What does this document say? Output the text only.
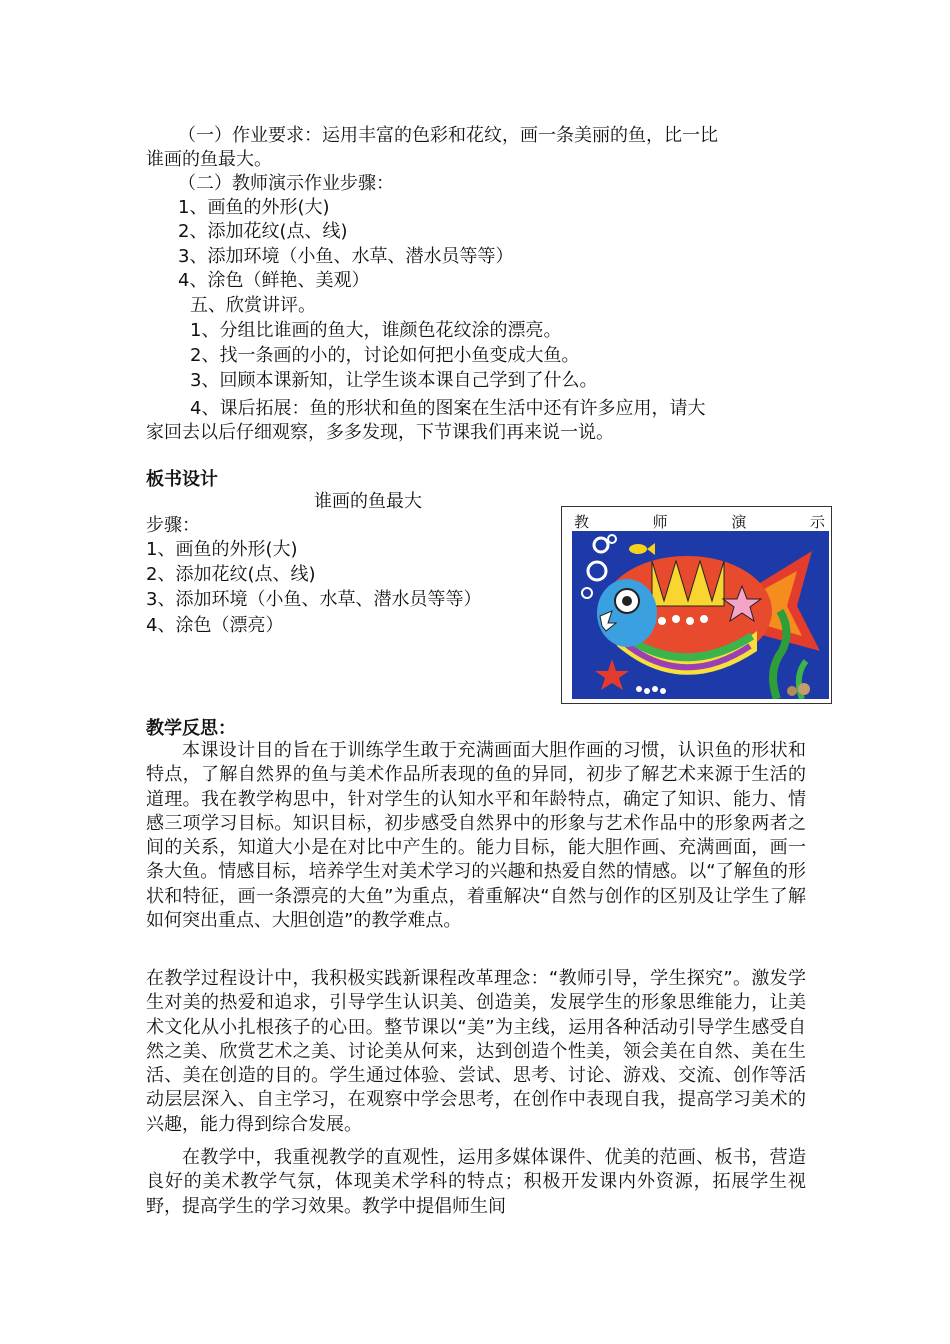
（一）作业要求：运用丰富的色彩和花纹，画一条美丽的鱼，比一比
谁画的鱼最大。
（二）教师演示作业步骤：
1、画鱼的外形(大)
2、添加花纹(点、线)
3、添加环境（小鱼、水草、潜水员等等）
4、涂色（鲜艳、美观）
五、欣赏讲评。
1、分组比谁画的鱼大，谁颜色花纹涂的漂亮。
2、找一条画的小的，讨论如何把小鱼变成大鱼。
3、回顾本课新知，让学生谈本课自己学到了什么。
4、课后拓展：鱼的形状和鱼的图案在生活中还有许多应用，请大
家回去以后仔细观察，多多发现，下节课我们再来说一说。
板书设计
谁画的鱼最大
步骤：
1、画鱼的外形(大)
2、添加花纹(点、线)
3、添加环境（小鱼、水草、潜水员等等）
4、涂色（漂亮）
教	师	演	示
教学反思：
本课设计目的旨在于训练学生敢于充满画面大胆作画的习惯，认识鱼的形状和特点，了解自然界的鱼与美术作品所表现的鱼的异同，初步了解艺术来源于生活的道理。我在教学构思中，针对学生的认知水平和年龄特点，确定了知识、能力、情感三项学习目标。知识目标，初步感受自然界中的形象与艺术作品中的形象两者之间的关系，知道大小是在对比中产生的。能力目标，能大胆作画、充满画面，画一条大鱼。情感目标，培养学生对美术学习的兴趣和热爱自然的情感。以“了解鱼的形状和特征，画一条漂亮的大鱼”为重点，着重解决“自然与创作的区别及让学生了解如何突出重点、大胆创造”的教学难点。
在教学过程设计中，我积极实践新课程改革理念：“教师引导，学生探究”。激发学生对美的热爱和追求，引导学生认识美、创造美，发展学生的形象思维能力，让美术文化从小扎根孩子的心田。整节课以“美”为主线，运用各种活动引导学生感受自然之美、欣赏艺术之美、讨论美从何来，达到创造个性美，领会美在自然、美在生活、美在创造的目的。学生通过体验、尝试、思考、讨论、游戏、交流、创作等活动层层深入、自主学习，在观察中学会思考，在创作中表现自我，提高学习美术的兴趣，能力得到综合发展。
在教学中，我重视教学的直观性，运用多媒体课件、优美的范画、板书，营造良好的美术教学气氛，体现美术学科的特点；积极开发课内外资源，拓展学生视野，提高学生的学习效果。教学中提倡师生间
